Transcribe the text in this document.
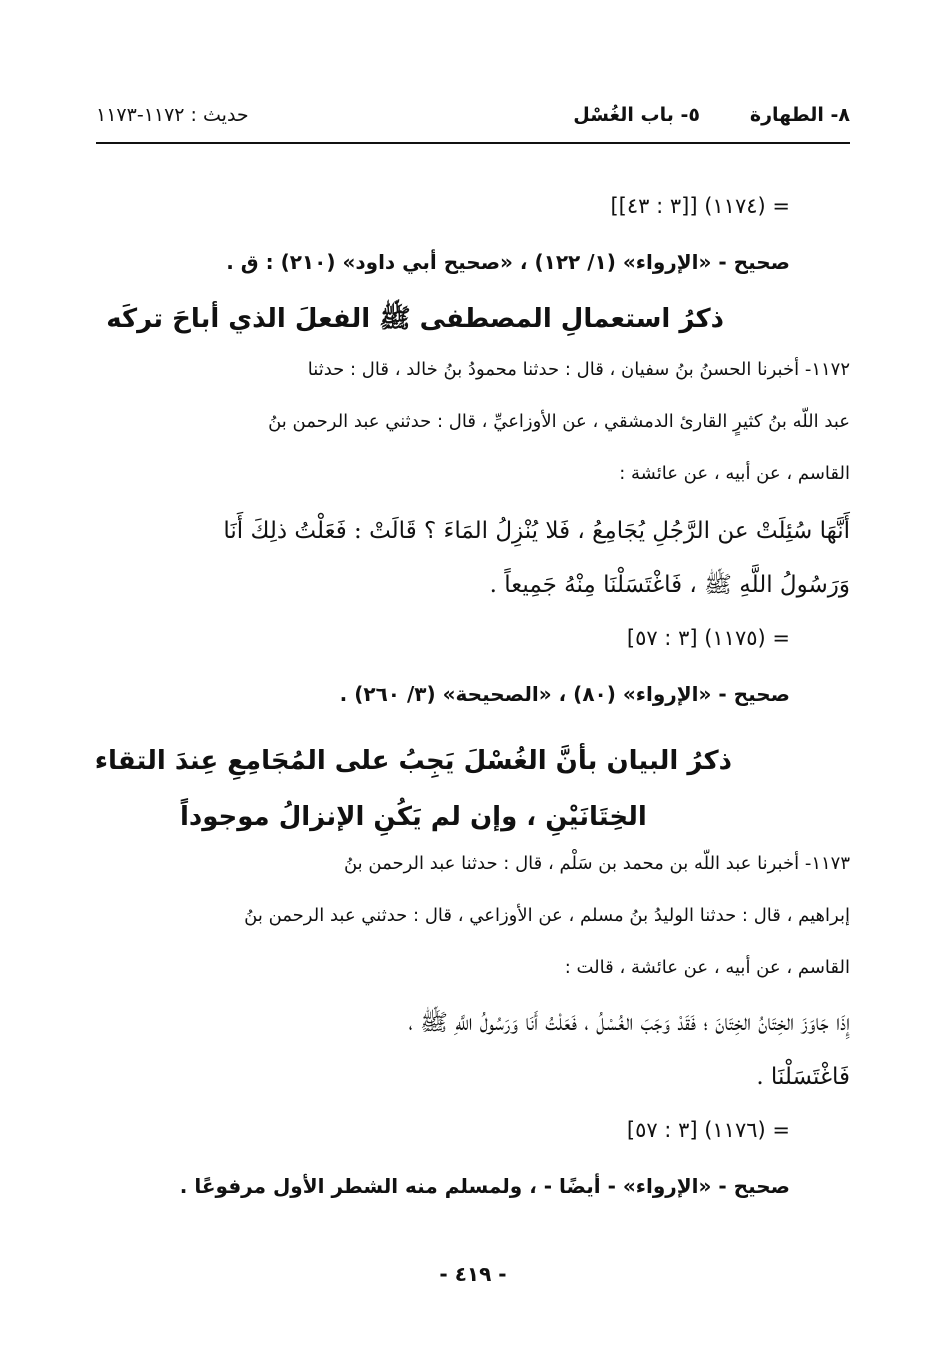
٨- الطهارة
٥- باب الغُسْل
حديث : ١١٧٢-١١٧٣
= (١١٧٤) [[٣ : ٤٣]]
صحيح - «الإرواء» (١/ ١٢٢) ، «صحيح أبي داود» (٢١٠) : ق .
ذكرُ استعمالِ المصطفى ﷺ الفعلَ الذي أباحَ تركَه
١١٧٢- أخبرنا الحسنُ بنُ سفيان ، قال : حدثنا محمودُ بنُ خالد ، قال : حدثنا
عبد اللّه بنُ كثيرٍ القارئ الدمشقي ، عن الأوزاعيِّ ، قال : حدثني عبد الرحمن بنُ
القاسم ، عن أبيه ، عن عائشة :
أَنَّهَا سُئِلَتْ عن الرَّجُلِ يُجَامِعُ ، فَلا يُنْزِلُ المَاءَ ؟ قَالَتْ : فَعَلْتُ ذلِكَ أَنَا
وَرَسُولُ اللَّهِ ﷺ ، فَاغْتَسَلْنَا مِنْهُ جَمِيعاً .
= (١١٧٥) [٣ : ٥٧]
صحيح - «الإرواء» (٨٠) ، «الصحيحة» (٣/ ٢٦٠) .
ذكرُ البيان بأنَّ الغُسْلَ يَجِبُ على المُجَامِعِ عِندَ التقاء
الخِتَانَيْنِ ، وإن لم يَكُنِ الإنزالُ موجوداً
١١٧٣- أخبرنا عبد اللّه بن محمد بن سَلْم ، قال : حدثنا عبد الرحمن بنُ
إبراهيم ، قال : حدثنا الوليدُ بنُ مسلم ، عن الأوزاعي ، قال : حدثني عبد الرحمن بنُ
القاسم ، عن أبيه ، عن عائشة ، قالت :
إِذَا جَاوَزَ الخِتَانُ الخِتَانَ ؛ فَقَدْ وَجَبَ الغُسْلُ ، فَعَلْتُ أَنَا وَرَسُولُ اللَّهِ ﷺ ،
فَاغْتَسَلْنَا .
= (١١٧٦) [٣ : ٥٧]
صحيح - «الإرواء» - أيضًا - ، ولمسلم منه الشطر الأول مرفوعًا .
- ٤١٩ -
